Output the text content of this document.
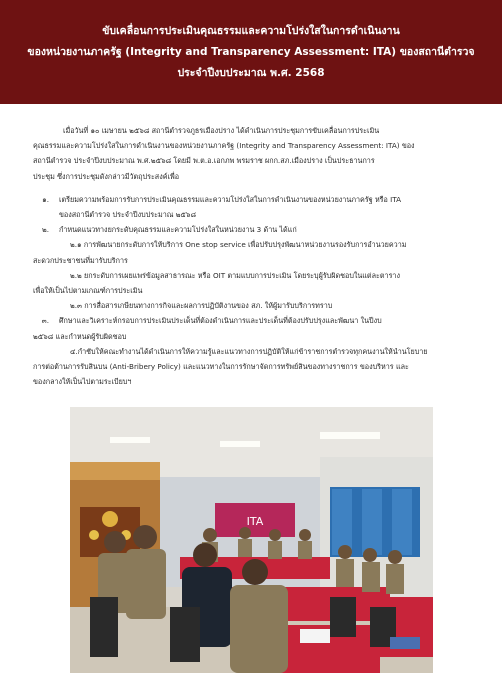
ขับเคลื่อนการประเมินคุณธรรมและความโปร่งใสในการดำเนินงาน
ของหน่วยงานภาครัฐ (Integrity and Transparency Assessment: ITA) ของสถานีตำรวจ
ประจำปีงบประมาณ พ.ศ. 2568
เมื่อวันที่ ๑๐ เมษายน ๒๕๖๘ สถานีตำรวจภูธรเมืองปราง ได้ดำเนินการประชุมการขับเคลื่อนการประเมิน
คุณธรรมและความโปร่งใสในการดำเนินงานของหน่วยงานภาครัฐ (Integrity and Transparency Assessment: ITA) ของ
สถานีตำรวจ ประจำปีงบประมาณ พ.ศ.๒๕๖๘ โดยมี พ.ต.อ.เอกภพ พรมราช ผกก.สภ.เมืองปราง เป็นประธานการ
ประชุม ซึ่งการประชุมดังกล่าวมีวัตถุประสงค์เพื่อ
๑.	เตรียมความพร้อมการรับการประเมินคุณธรรมและความโปร่งใสในการดำเนินงานของหน่วยงานภาครัฐ หรือ ITA
ของสถานีตำรวจ ประจำปีงบประมาณ ๒๕๖๘
๒.	กำหนดแนวทางยกระดับคุณธรรมและความโปร่งใสในหน่วยงาน 3 ด้าน ได้แก่
๒.๑ การพัฒนายกระดับการให้บริการ One stop service เพื่อปรับปรุงพัฒนาหน่วยงานรองรับการอำนวยความ
สะดวกประชาชนที่มารับบริการ
๒.๒ ยกระดับการเผยแพร่ข้อมูลสาธารณะ หรือ OIT ตามแบบการประเมิน โดยระบุผู้รับผิดชอบในแต่ละตาราง
เพื่อให้เป็นไปตามเกณฑ์การประเมิน
๒.๓ การสื่อสารเกษียนทางการกิจและผลการปฏิบัติงานของ สภ. ให้ผู้มารับบริการทราบ
๓.	ศึกษาและวิเคราะห์กรอบการประเมินประเด็นที่ต้องดำเนินการและประเด็นที่ต้องปรับปรุงและพัฒนา ในปีงบ
๒๕๖๘ และกำหนดผู้รับผิดชอบ
๔.กำชับให้คณะทำงานได้ดำเนินการให้ความรู้และแนวทางการปฏิบัติให้แก่ข้าราชการตำรวจทุกคนงานให้นำนโยบาย
การต่อต้านการรับสินบน (Anti-Bribery Policy) และแนวทางในการรักษาจัดการทรัพย์สินของทางราชการ ของบริหาร และ
ของกลางให้เป็นไปตามระเบียบฯ
ITA
